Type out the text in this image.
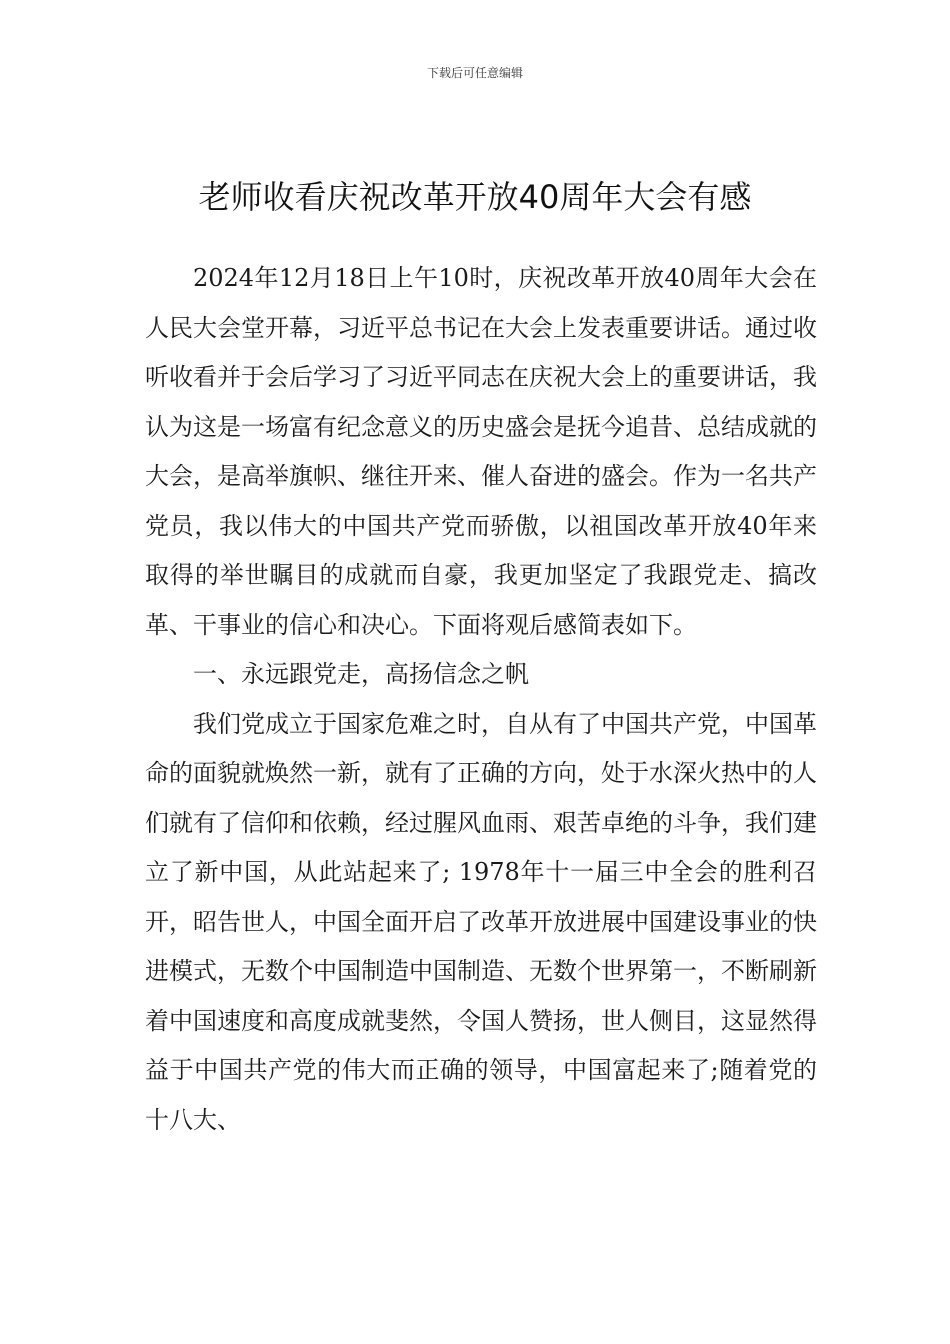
下载后可任意编辑
老师收看庆祝改革开放40周年大会有感

2024年12月18日上午10时，庆祝改革开放40周年大会在人民大会堂开幕，习近平总书记在大会上发表重要讲话。通过收听收看并于会后学习了习近平同志在庆祝大会上的重要讲话，我认为这是一场富有纪念意义的历史盛会是抚今追昔、总结成就的大会，是高举旗帜、继往开来、催人奋进的盛会。作为一名共产党员，我以伟大的中国共产党而骄傲，以祖国改革开放40年来取得的举世瞩目的成就而自豪，我更加坚定了我跟党走、搞改革、干事业的信心和决心。下面将观后感简表如下。

一、永远跟党走，高扬信念之帆

我们党成立于国家危难之时，自从有了中国共产党，中国革命的面貌就焕然一新，就有了正确的方向，处于水深火热中的人们就有了信仰和依赖，经过腥风血雨、艰苦卓绝的斗争，我们建立了新中国，从此站起来了; 1978年十一届三中全会的胜利召开，昭告世人，中国全面开启了改革开放进展中国建设事业的快进模式，无数个中国制造中国制造、无数个世界第一，不断刷新着中国速度和高度成就斐然，令国人赞扬，世人侧目，这显然得益于中国共产党的伟大而正确的领导，中国富起来了;随着党的十八大、
